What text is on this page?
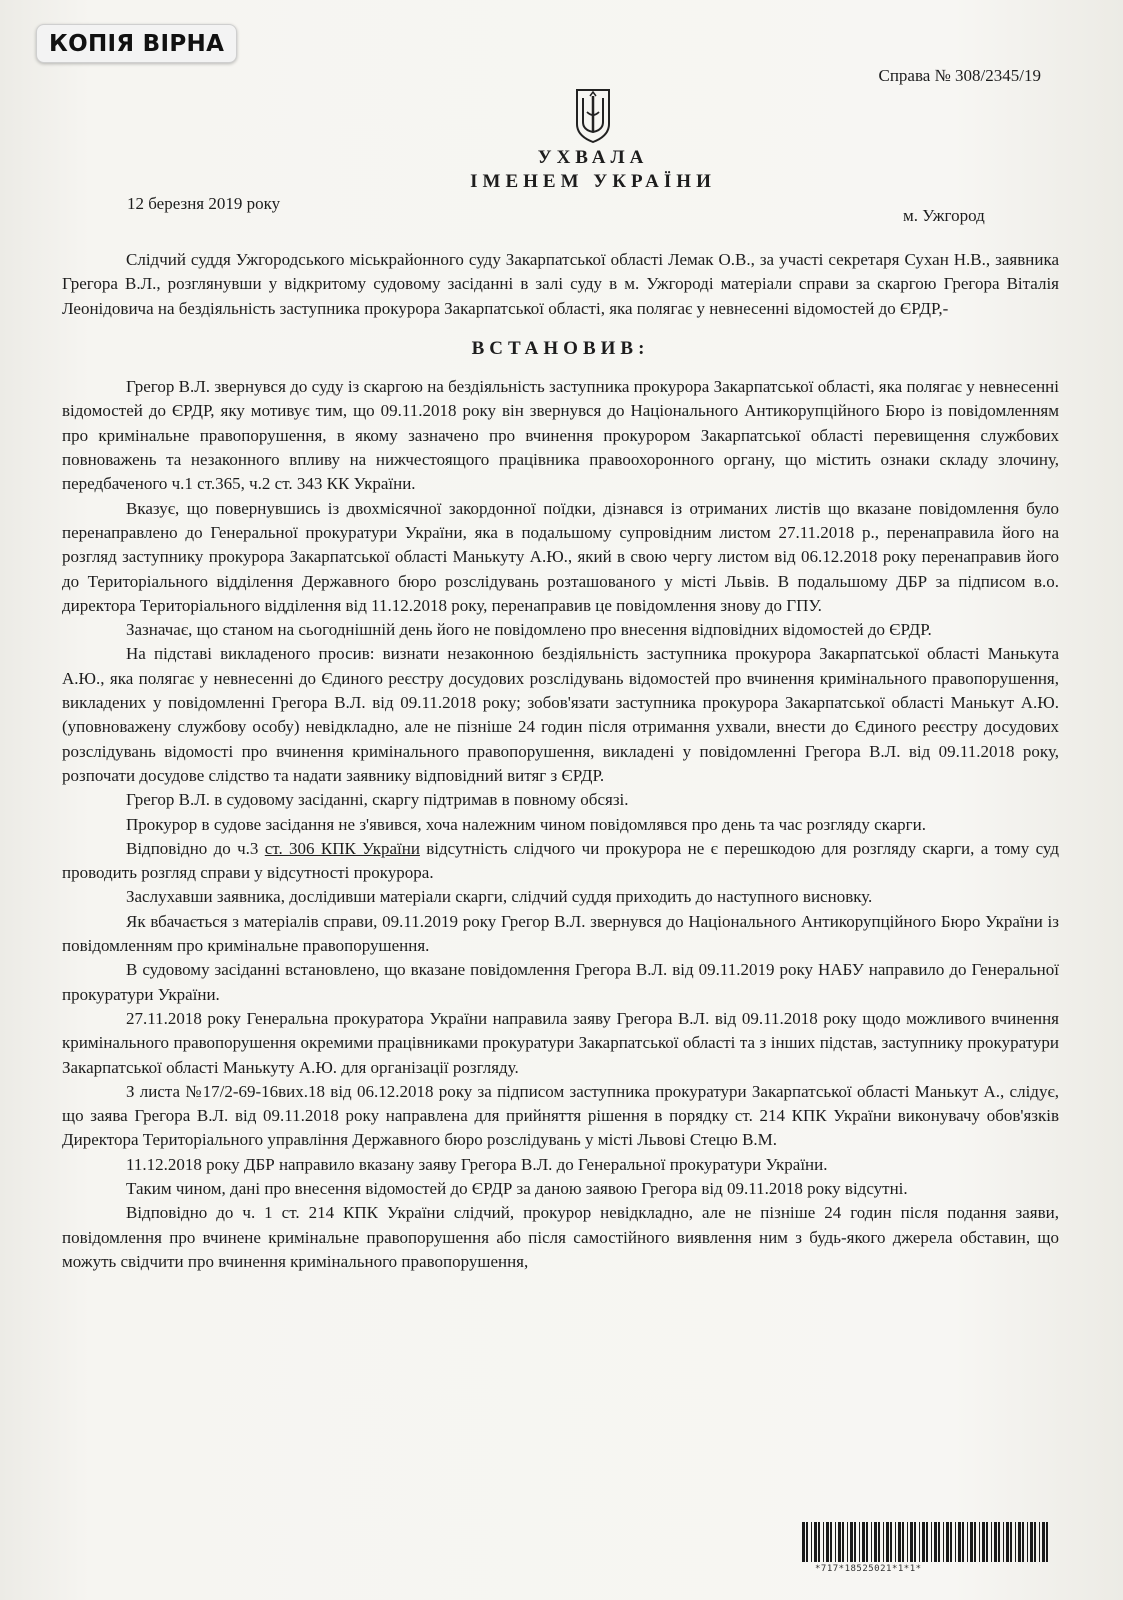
КОПІЯ ВІРНА
Справа № 308/2345/19
УХВАЛА
ІМЕНЕМ УКРАЇНИ
12 березня 2019 року
м. Ужгород

Слідчий суддя Ужгородського міськрайонного суду Закарпатської області Лемак О.В., за участі секретаря Сухан Н.В., заявника Грегора В.Л., розглянувши у відкритому судовому засіданні в залі суду в м. Ужгороді матеріали справи за скаргою Грегора Віталія Леонідовича на бездіяльність заступника прокурора Закарпатської області, яка полягає у невнесенні відомостей до ЄРДР,-

ВСТАНОВИВ:

Грегор В.Л. звернувся до суду із скаргою на бездіяльність заступника прокурора Закарпатської області, яка полягає у невнесенні відомостей до ЄРДР, яку мотивує тим, що 09.11.2018 року він звернувся до Національного Антикорупційного Бюро із повідомленням про кримінальне правопорушення, в якому зазначено про вчинення прокурором Закарпатської області перевищення службових повноважень та незаконного впливу на нижчестоящого працівника правоохоронного органу, що містить ознаки складу злочину, передбаченого ч.1 ст.365, ч.2 ст. 343 КК України.

Вказує, що повернувшись із двохмісячної закордонної поїдки, дізнався із отриманих листів що вказане повідомлення було перенаправлено до Генеральної прокуратури України, яка в подальшому супровідним листом 27.11.2018 р., перенаправила його на розгляд заступнику прокурора Закарпатської області Манькуту А.Ю., який в свою чергу листом від 06.12.2018 року перенаправив його до Територіального відділення Державного бюро розслідувань розташованого у місті Львів. В подальшому ДБР за підписом в.о. директора Територіального відділення від 11.12.2018 року, перенаправив це повідомлення знову до ГПУ.

Зазначає, що станом на сьогоднішній день його не повідомлено про внесення відповідних відомостей до ЄРДР.

На підставі викладеного просив: визнати незаконною бездіяльність заступника прокурора Закарпатської області Манькута А.Ю., яка полягає у невнесенні до Єдиного реєстру досудових розслідувань відомостей про вчинення кримінального правопорушення, викладених у повідомленні Грегора В.Л. від 09.11.2018 року; зобов'язати заступника прокурора Закарпатської області Манькут А.Ю. (уповноважену службову особу) невідкладно, але не пізніше 24 годин після отримання ухвали, внести до Єдиного реєстру досудових розслідувань відомості про вчинення кримінального правопорушення, викладені у повідомленні Грегора В.Л. від 09.11.2018 року, розпочати досудове слідство та надати заявнику відповідний витяг з ЄРДР.

Грегор В.Л. в судовому засіданні, скаргу підтримав в повному обсязі.

Прокурор в судове засідання не з'явився, хоча належним чином повідомлявся про день та час розгляду скарги.

Відповідно до ч.3 ст. 306 КПК України відсутність слідчого чи прокурора не є перешкодою для розгляду скарги, а тому суд проводить розгляд справи у відсутності прокурора.

Заслухавши заявника, дослідивши матеріали скарги, слідчий суддя приходить до наступного висновку.

Як вбачається з матеріалів справи, 09.11.2019 року Грегор В.Л. звернувся до Національного Антикорупційного Бюро України із повідомленням про кримінальне правопорушення.

В судовому засіданні встановлено, що вказане повідомлення Грегора В.Л. від 09.11.2019 року НАБУ направило до Генеральної прокуратури України.

27.11.2018 року Генеральна прокуратора України направила заяву Грегора В.Л. від 09.11.2018 року щодо можливого вчинення кримінального правопорушення окремими працівниками прокуратури Закарпатської області та з інших підстав, заступнику прокуратури Закарпатської області Манькуту А.Ю. для організації розгляду.

З листа №17/2-69-16вих.18 від 06.12.2018 року за підписом заступника прокуратури Закарпатської області Манькут А., слідує, що заява Грегора В.Л. від 09.11.2018 року направлена для прийняття рішення в порядку ст. 214 КПК України виконувачу обов'язків Директора Територіального управління Державного бюро розслідувань у місті Львові Стецю В.М.

11.12.2018 року ДБР направило вказану заяву Грегора В.Л. до Генеральної прокуратури України.

Таким чином, дані про внесення відомостей до ЄРДР за даною заявою Грегора від 09.11.2018 року відсутні.

Відповідно до ч. 1 ст. 214 КПК України слідчий, прокурор невідкладно, але не пізніше 24 годин після подання заяви, повідомлення про вчинене кримінальне правопорушення або після самостійного виявлення ним з будь-якого джерела обставин, що можуть свідчити про вчинення кримінального правопорушення,

*717*18525021*1*1*
